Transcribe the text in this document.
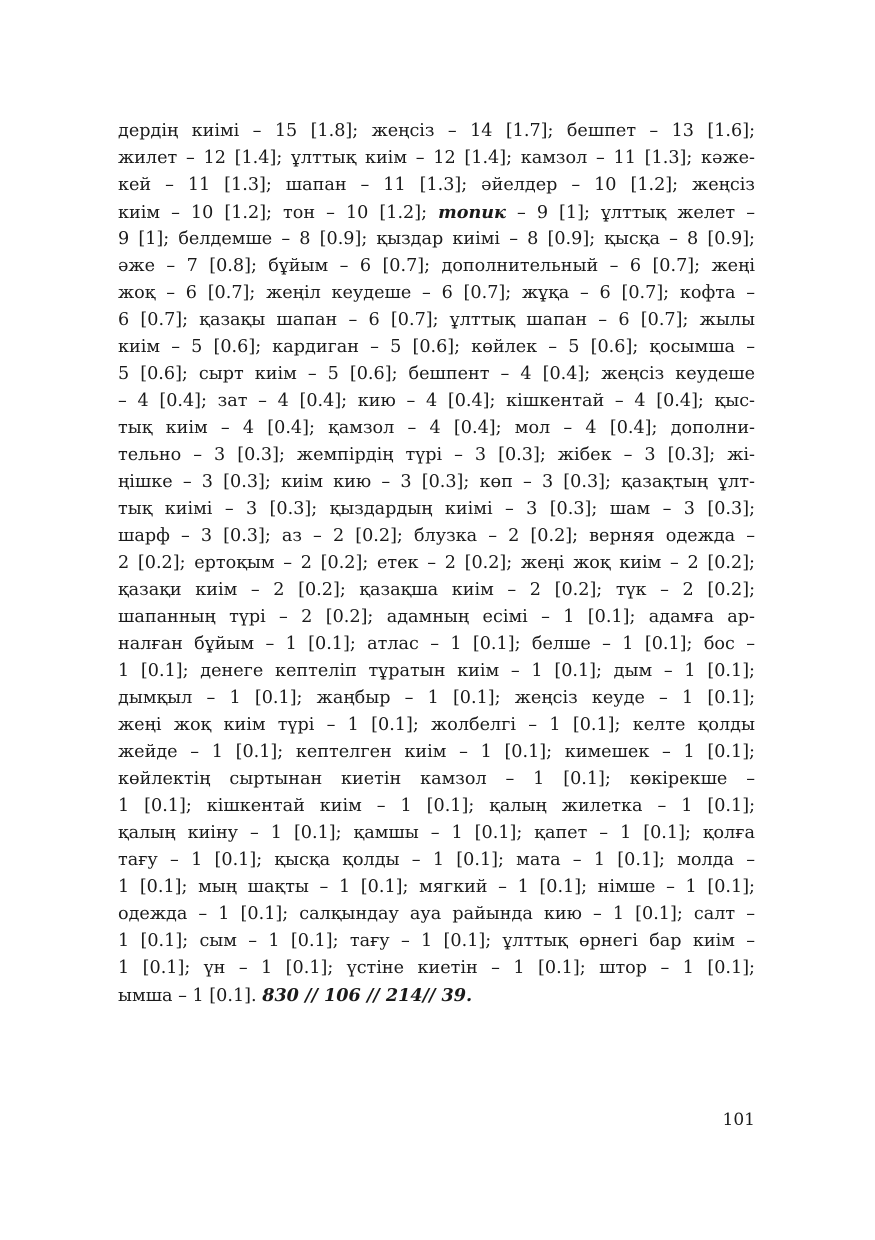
дердің киімі – 15 [1.8]; жеңсіз – 14 [1.7]; бешпет – 13 [1.6];
жилет – 12 [1.4]; ұлттық киім – 12 [1.4]; камзол – 11 [1.3]; кәже-
кей – 11 [1.3]; шапан – 11 [1.3]; әйелдер – 10 [1.2]; жеңсіз
киім – 10 [1.2]; тон – 10 [1.2]; топик – 9 [1]; ұлттық желет –
9 [1]; белдемше – 8 [0.9]; қыздар киімі – 8 [0.9]; қысқа – 8 [0.9];
әже – 7 [0.8]; бұйым – 6 [0.7]; дополнительный – 6 [0.7]; жеңі
жоқ – 6 [0.7]; жеңіл кеудеше – 6 [0.7]; жұқа – 6 [0.7]; кофта –
6 [0.7]; қазақы шапан – 6 [0.7]; ұлттық шапан – 6 [0.7]; жылы
киім – 5 [0.6]; кардиган – 5 [0.6]; көйлек – 5 [0.6]; қосымша –
5 [0.6]; сырт киім – 5 [0.6]; бешпент – 4 [0.4]; жеңсіз кеудеше
– 4 [0.4]; зат – 4 [0.4]; кию – 4 [0.4]; кішкентай – 4 [0.4]; қыс-
тық киім – 4 [0.4]; қамзол – 4 [0.4]; мол – 4 [0.4]; дополни-
тельно – 3 [0.3]; жемпірдің түрі – 3 [0.3]; жібек – 3 [0.3]; жі-
ңішке – 3 [0.3]; киім кию – 3 [0.3]; көп – 3 [0.3]; қазақтың ұлт-
тық киімі – 3 [0.3]; қыздардың киімі – 3 [0.3]; шам – 3 [0.3];
шарф – 3 [0.3]; аз – 2 [0.2]; блузка – 2 [0.2]; верняя одежда –
2 [0.2]; ертоқым – 2 [0.2]; етек – 2 [0.2]; жеңі жоқ киім – 2 [0.2];
қазақи киім – 2 [0.2]; қазақша киім – 2 [0.2]; түк – 2 [0.2];
шапанның түрі – 2 [0.2]; адамның есімі – 1 [0.1]; адамға ар-
налған бұйым – 1 [0.1]; атлас – 1 [0.1]; белше – 1 [0.1]; бос –
1 [0.1]; денеге кептеліп тұратын киім – 1 [0.1]; дым – 1 [0.1];
дымқыл – 1 [0.1]; жаңбыр – 1 [0.1]; жеңсіз кеуде – 1 [0.1];
жеңі жоқ киім түрі – 1 [0.1]; жолбелгі – 1 [0.1]; келте қолды
жейде – 1 [0.1]; кептелген киім – 1 [0.1]; кимешек – 1 [0.1];
көйлектің сыртынан киетін камзол – 1 [0.1]; көкірекше –
1 [0.1]; кішкентай киім – 1 [0.1]; қалың жилетка – 1 [0.1];
қалың киіну – 1 [0.1]; қамшы – 1 [0.1]; қапет – 1 [0.1]; қолға
тағу – 1 [0.1]; қысқа қолды – 1 [0.1]; мата – 1 [0.1]; молда –
1 [0.1]; мың шақты – 1 [0.1]; мягкий – 1 [0.1]; нiмше – 1 [0.1];
одежда – 1 [0.1]; салқындау ауа райында кию – 1 [0.1]; салт –
1 [0.1]; сым – 1 [0.1]; тағу – 1 [0.1]; ұлттық өрнегі бар киім –
1 [0.1]; үн – 1 [0.1]; үстіне киетін – 1 [0.1]; штор – 1 [0.1];
ымша – 1 [0.1]. 830 // 106 // 214// 39.
101
